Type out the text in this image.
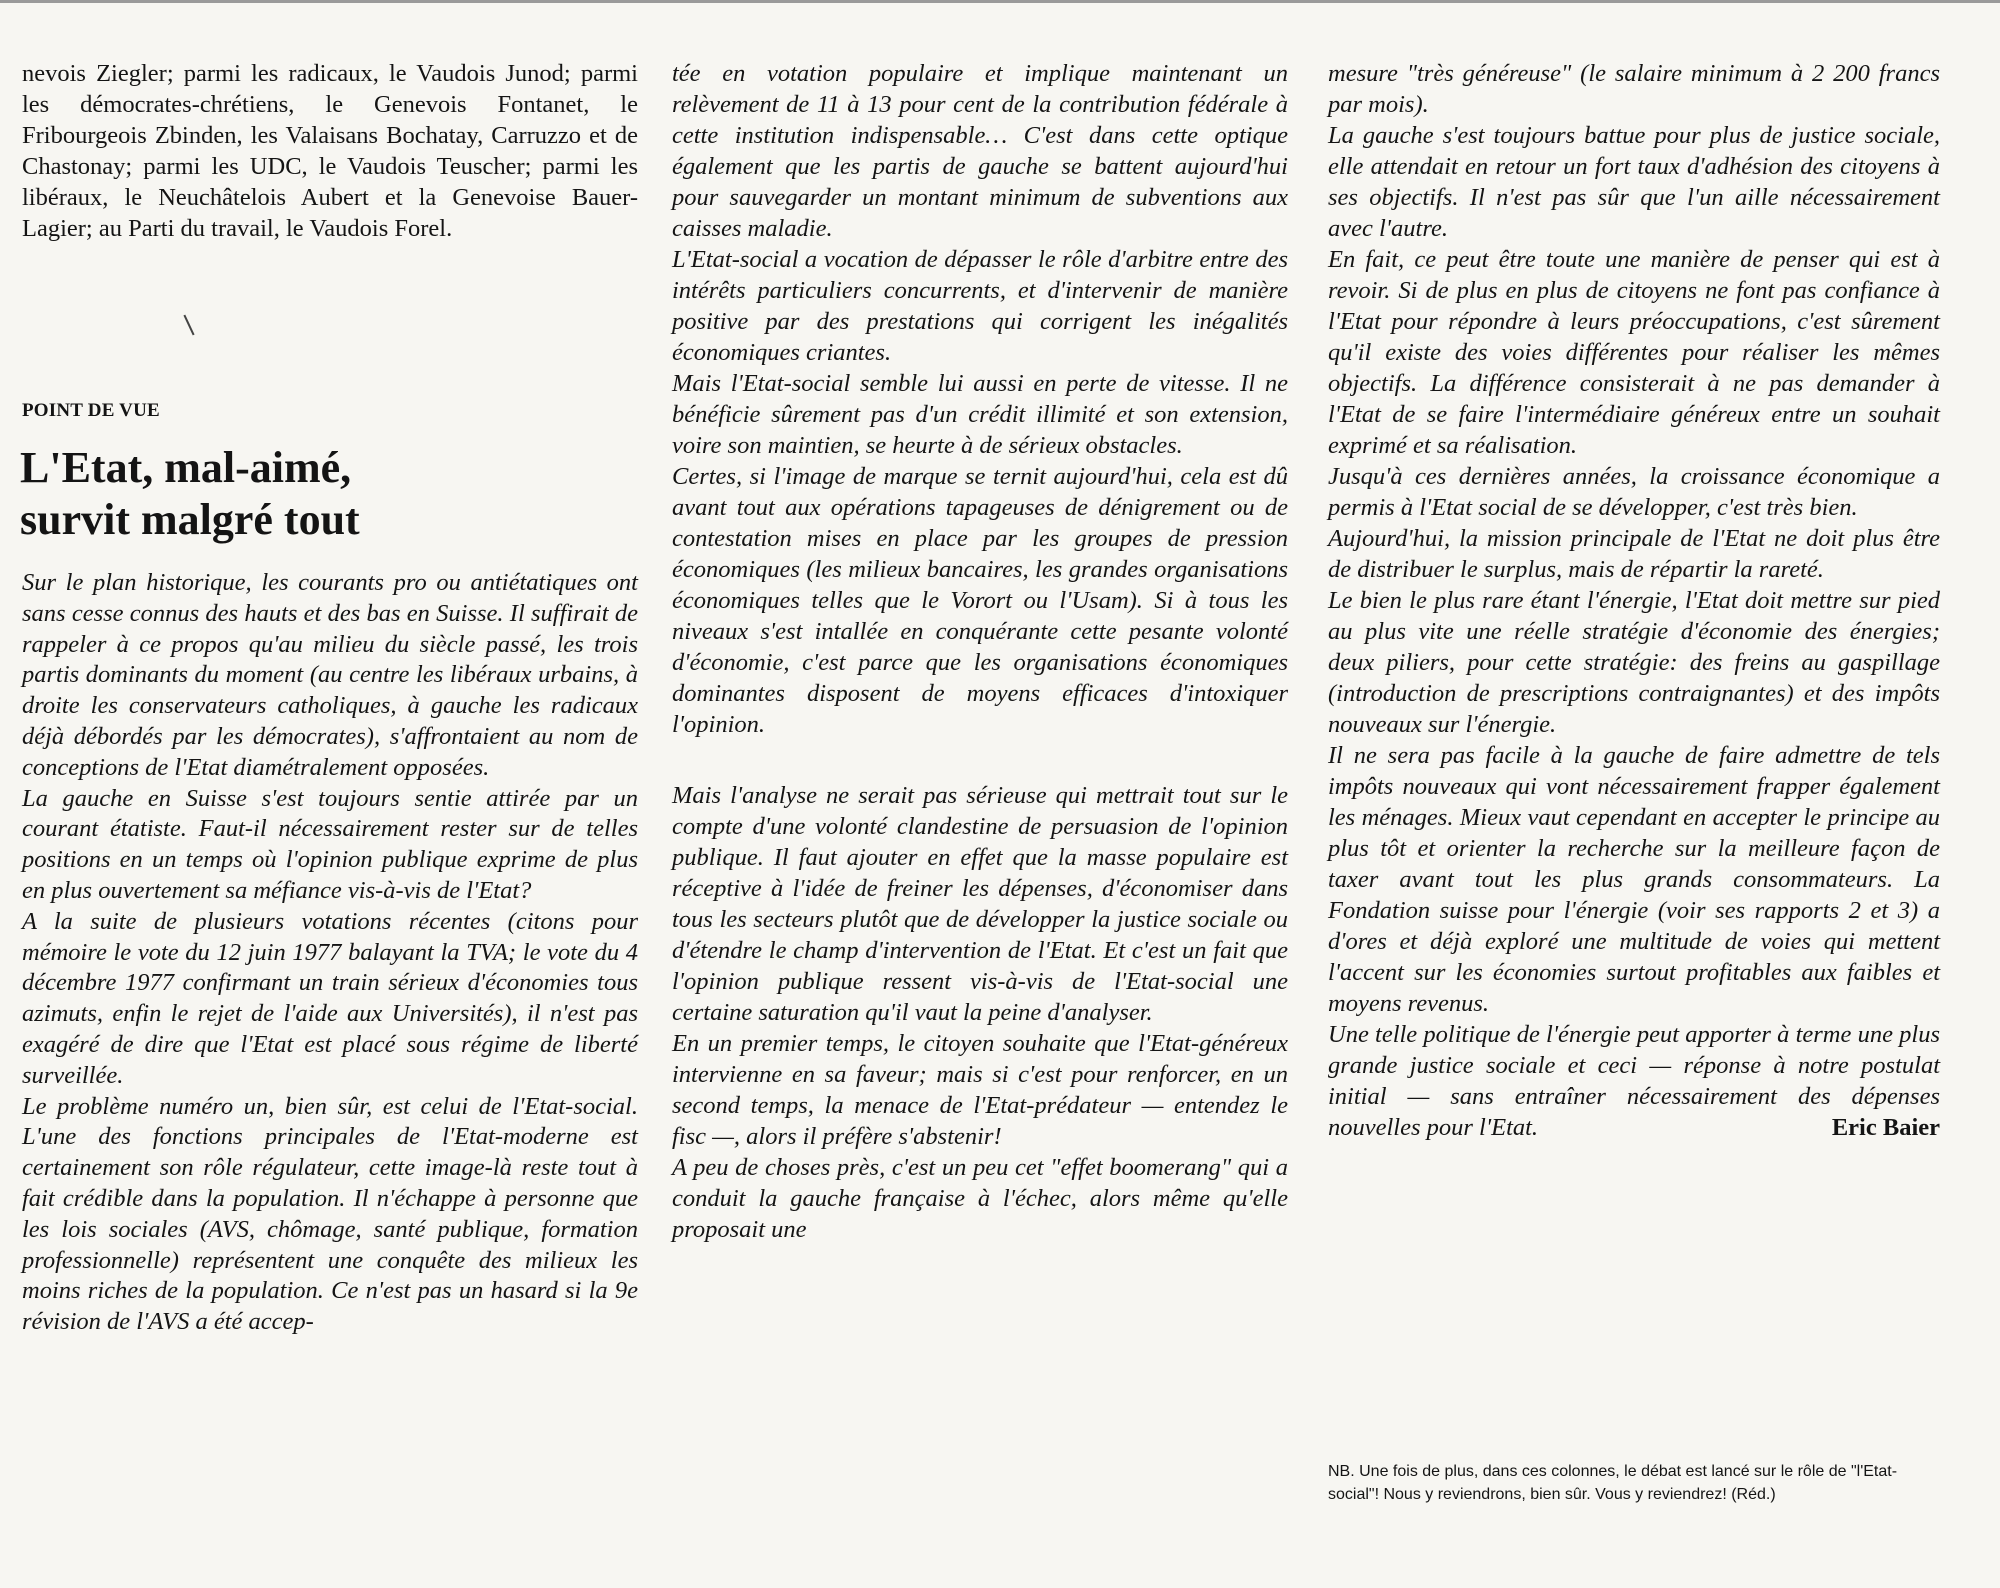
nevois Ziegler; parmi les radicaux, le Vaudois Junod; parmi les démocrates-chrétiens, le Genevois Fontanet, le Fribourgeois Zbinden, les Valaisans Bochatay, Carruzzo et de Chastonay; parmi les UDC, le Vaudois Teuscher; parmi les libéraux, le Neuchâtelois Aubert et la Genevoise Bauer-Lagier; au Parti du travail, le Vaudois Forel.

POINT DE VUE
L'Etat, mal-aimé,
survit malgré tout

Sur le plan historique, les courants pro ou antiétatiques ont sans cesse connus des hauts et des bas en Suisse. Il suffirait de rappeler à ce propos qu'au milieu du siècle passé, les trois partis dominants du moment (au centre les libéraux urbains, à droite les conservateurs catholiques, à gauche les radicaux déjà débordés par les démocrates), s'affrontaient au nom de conceptions de l'Etat diamétralement opposées.

La gauche en Suisse s'est toujours sentie attirée par un courant étatiste. Faut-il nécessairement rester sur de telles positions en un temps où l'opinion publique exprime de plus en plus ouvertement sa méfiance vis-à-vis de l'Etat?

A la suite de plusieurs votations récentes (citons pour mémoire le vote du 12 juin 1977 balayant la TVA; le vote du 4 décembre 1977 confirmant un train sérieux d'économies tous azimuts, enfin le rejet de l'aide aux Universités), il n'est pas exagéré de dire que l'Etat est placé sous régime de liberté surveillée.

Le problème numéro un, bien sûr, est celui de l'Etat-social. L'une des fonctions principales de l'Etat-moderne est certainement son rôle régulateur, cette image-là reste tout à fait crédible dans la population. Il n'échappe à personne que les lois sociales (AVS, chômage, santé publique, formation professionnelle) représentent une conquête des milieux les moins riches de la population. Ce n'est pas un hasard si la 9e révision de l'AVS a été accep-

tée en votation populaire et implique maintenant un relèvement de 11 à 13 pour cent de la contribution fédérale à cette institution indispensable… C'est dans cette optique également que les partis de gauche se battent aujourd'hui pour sauvegarder un montant minimum de subventions aux caisses maladie.

L'Etat-social a vocation de dépasser le rôle d'arbitre entre des intérêts particuliers concurrents, et d'intervenir de manière positive par des prestations qui corrigent les inégalités économiques criantes.

Mais l'Etat-social semble lui aussi en perte de vitesse. Il ne bénéficie sûrement pas d'un crédit illimité et son extension, voire son maintien, se heurte à de sérieux obstacles.

Certes, si l'image de marque se ternit aujourd'hui, cela est dû avant tout aux opérations tapageuses de dénigrement ou de contestation mises en place par les groupes de pression économiques (les milieux bancaires, les grandes organisations économiques telles que le Vorort ou l'Usam). Si à tous les niveaux s'est intallée en conquérante cette pesante volonté d'économie, c'est parce que les organisations économiques dominantes disposent de moyens efficaces d'intoxiquer l'opinion.

Mais l'analyse ne serait pas sérieuse qui mettrait tout sur le compte d'une volonté clandestine de persuasion de l'opinion publique. Il faut ajouter en effet que la masse populaire est réceptive à l'idée de freiner les dépenses, d'économiser dans tous les secteurs plutôt que de développer la justice sociale ou d'étendre le champ d'intervention de l'Etat. Et c'est un fait que l'opinion publique ressent vis-à-vis de l'Etat-social une certaine saturation qu'il vaut la peine d'analyser.

En un premier temps, le citoyen souhaite que l'Etat-généreux intervienne en sa faveur; mais si c'est pour renforcer, en un second temps, la menace de l'Etat-prédateur — entendez le fisc —, alors il préfère s'abstenir!

A peu de choses près, c'est un peu cet "effet boomerang" qui a conduit la gauche française à l'échec, alors même qu'elle proposait une

mesure "très généreuse" (le salaire minimum à 2 200 francs par mois).

La gauche s'est toujours battue pour plus de justice sociale, elle attendait en retour un fort taux d'adhésion des citoyens à ses objectifs. Il n'est pas sûr que l'un aille nécessairement avec l'autre.

En fait, ce peut être toute une manière de penser qui est à revoir. Si de plus en plus de citoyens ne font pas confiance à l'Etat pour répondre à leurs préoccupations, c'est sûrement qu'il existe des voies différentes pour réaliser les mêmes objectifs. La différence consisterait à ne pas demander à l'Etat de se faire l'intermédiaire généreux entre un souhait exprimé et sa réalisation.

Jusqu'à ces dernières années, la croissance économique a permis à l'Etat social de se développer, c'est très bien.

Aujourd'hui, la mission principale de l'Etat ne doit plus être de distribuer le surplus, mais de répartir la rareté.

Le bien le plus rare étant l'énergie, l'Etat doit mettre sur pied au plus vite une réelle stratégie d'économie des énergies; deux piliers, pour cette stratégie: des freins au gaspillage (introduction de prescriptions contraignantes) et des impôts nouveaux sur l'énergie.

Il ne sera pas facile à la gauche de faire admettre de tels impôts nouveaux qui vont nécessairement frapper également les ménages. Mieux vaut cependant en accepter le principe au plus tôt et orienter la recherche sur la meilleure façon de taxer avant tout les plus grands consommateurs. La Fondation suisse pour l'énergie (voir ses rapports 2 et 3) a d'ores et déjà exploré une multitude de voies qui mettent l'accent sur les économies surtout profitables aux faibles et moyens revenus.

Une telle politique de l'énergie peut apporter à terme une plus grande justice sociale et ceci — réponse à notre postulat initial — sans entraîner nécessairement des dépenses nouvelles pour l'Etat.	Eric Baier
NB. Une fois de plus, dans ces colonnes, le débat est lancé sur le rôle de "l'Etat-social"! Nous y reviendrons, bien sûr. Vous y reviendrez! (Réd.)
